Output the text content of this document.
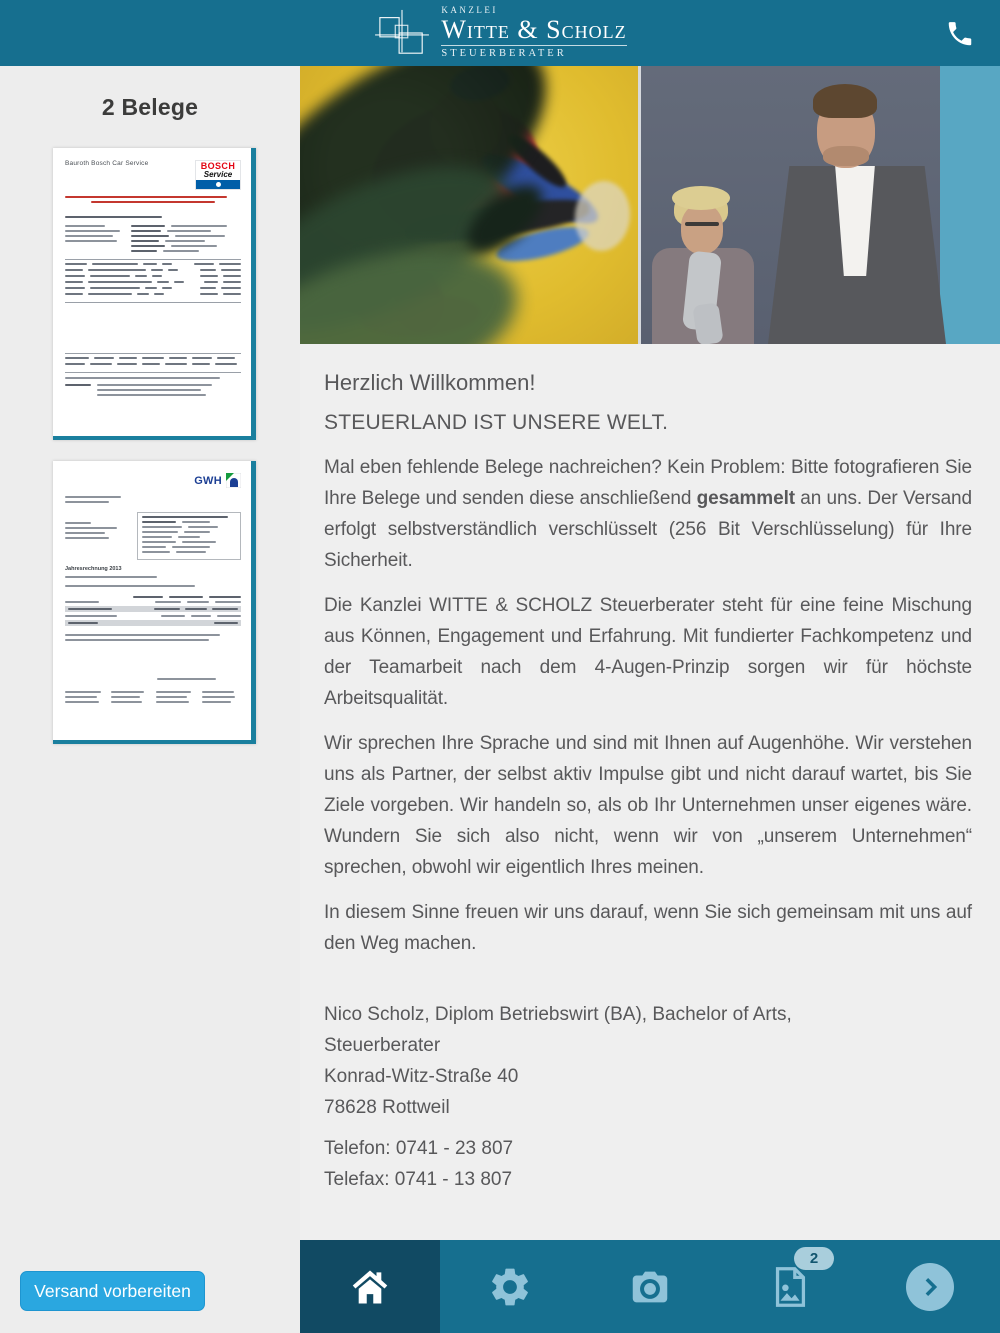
KANZLEI
Witte & Scholz
STEUERBERATER
2 Belege
Bauroth Bosch Car Service	BOSCH
Service
GWH
Jahresrechnung 2013
Versand vorbereiten
Herzlich Willkommen!
STEUERLAND IST UNSERE WELT.

Mal eben fehlende Belege nachreichen? Kein Problem: Bitte fotografieren Sie Ihre Belege und senden diese anschließend gesammelt an uns. Der Versand erfolgt selbstverständlich verschlüsselt (256 Bit Verschlüsselung) für Ihre Sicherheit.

Die Kanzlei WITTE & SCHOLZ Steuerberater steht für eine feine Mischung aus Können, Engagement und Erfahrung. Mit fundierter Fachkompetenz und der Teamarbeit nach dem 4-Augen-Prinzip sorgen wir für höchste Arbeitsqualität.

Wir sprechen Ihre Sprache und sind mit Ihnen auf Augenhöhe. Wir verstehen uns als Partner, der selbst aktiv Impulse gibt und nicht darauf wartet, bis Sie Ziele vorgeben. Wir handeln so, als ob Ihr Unternehmen unser eigenes wäre. Wundern Sie sich also nicht, wenn wir von „unserem Unternehmen“ sprechen, obwohl wir eigentlich Ihres meinen.

In diesem Sinne freuen wir uns darauf, wenn Sie sich gemeinsam mit uns auf den Weg machen.

Nico Scholz, Diplom Betriebswirt (BA), Bachelor of Arts,
Steuerberater
Konrad-Witz-Straße 40
78628 Rottweil
Telefon: 0741 - 23 807
Telefax: 0741 - 13 807
2
